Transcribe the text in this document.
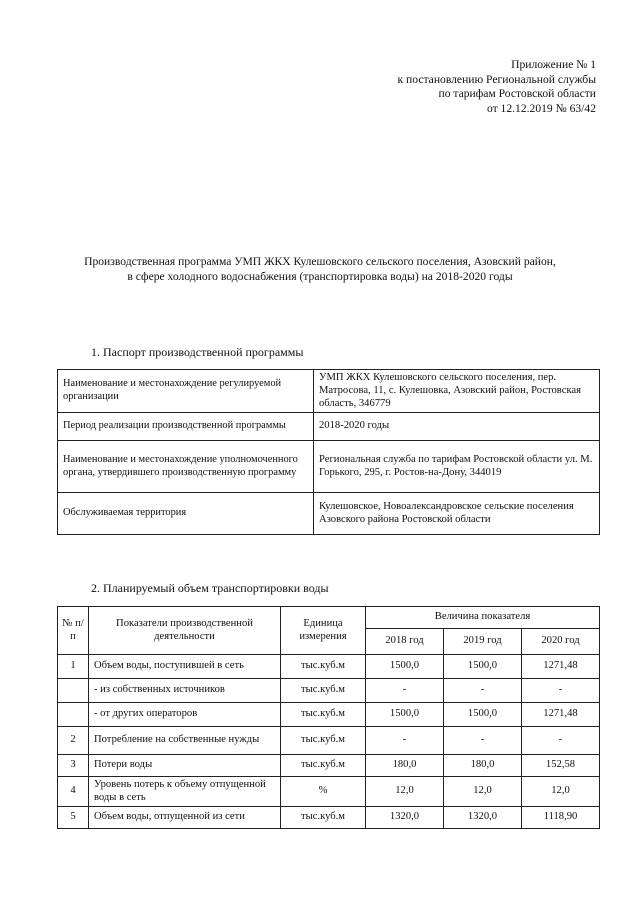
Приложение № 1
к постановлению Региональной службы
по тарифам Ростовской области
от 12.12.2019 № 63/42
Производственная программа УМП ЖКХ Кулешовского сельского поселения, Азовский район,
в сфере холодного водоснабжения (транспортировка воды) на 2018-2020 годы
1. Паспорт производственной программы
Наименование и местонахождение регулируемой организации	УМП ЖКХ Кулешовского сельского поселения, пер. Матросова, 11, с. Кулешовка, Азовский район, Ростовская область, 346779
Период реализации производственной программы	2018-2020 годы
Наименование и местонахождение уполномоченного органа, утвердившего производственную программу	Региональная служба по тарифам Ростовской области ул. М. Горького, 295, г. Ростов-на-Дону, 344019
Обслуживаемая территория	Кулешовское, Новоалександровское сельские поселения Азовского района Ростовской области
2. Планируемый объем транспортировки воды
№ п/п	Показатели производственной деятельности	Единица измерения	Величина показателя		
			2018 год	2019 год	2020 год
1	Объем воды, поступившей в сеть	тыс.куб.м	1500,0	1500,0	1271,48
	- из собственных источников	тыс.куб.м	-	-	-
	- от других операторов	тыс.куб.м	1500,0	1500,0	1271,48
2	Потребление на собственные нужды	тыс.куб.м	-	-	-
3	Потери воды	тыс.куб.м	180,0	180,0	152,58
4	Уровень потерь к объему отпущенной воды в сеть	%	12,0	12,0	12,0
5	Объем воды, отпущенной из сети	тыс.куб.м	1320,0	1320,0	1118,90
